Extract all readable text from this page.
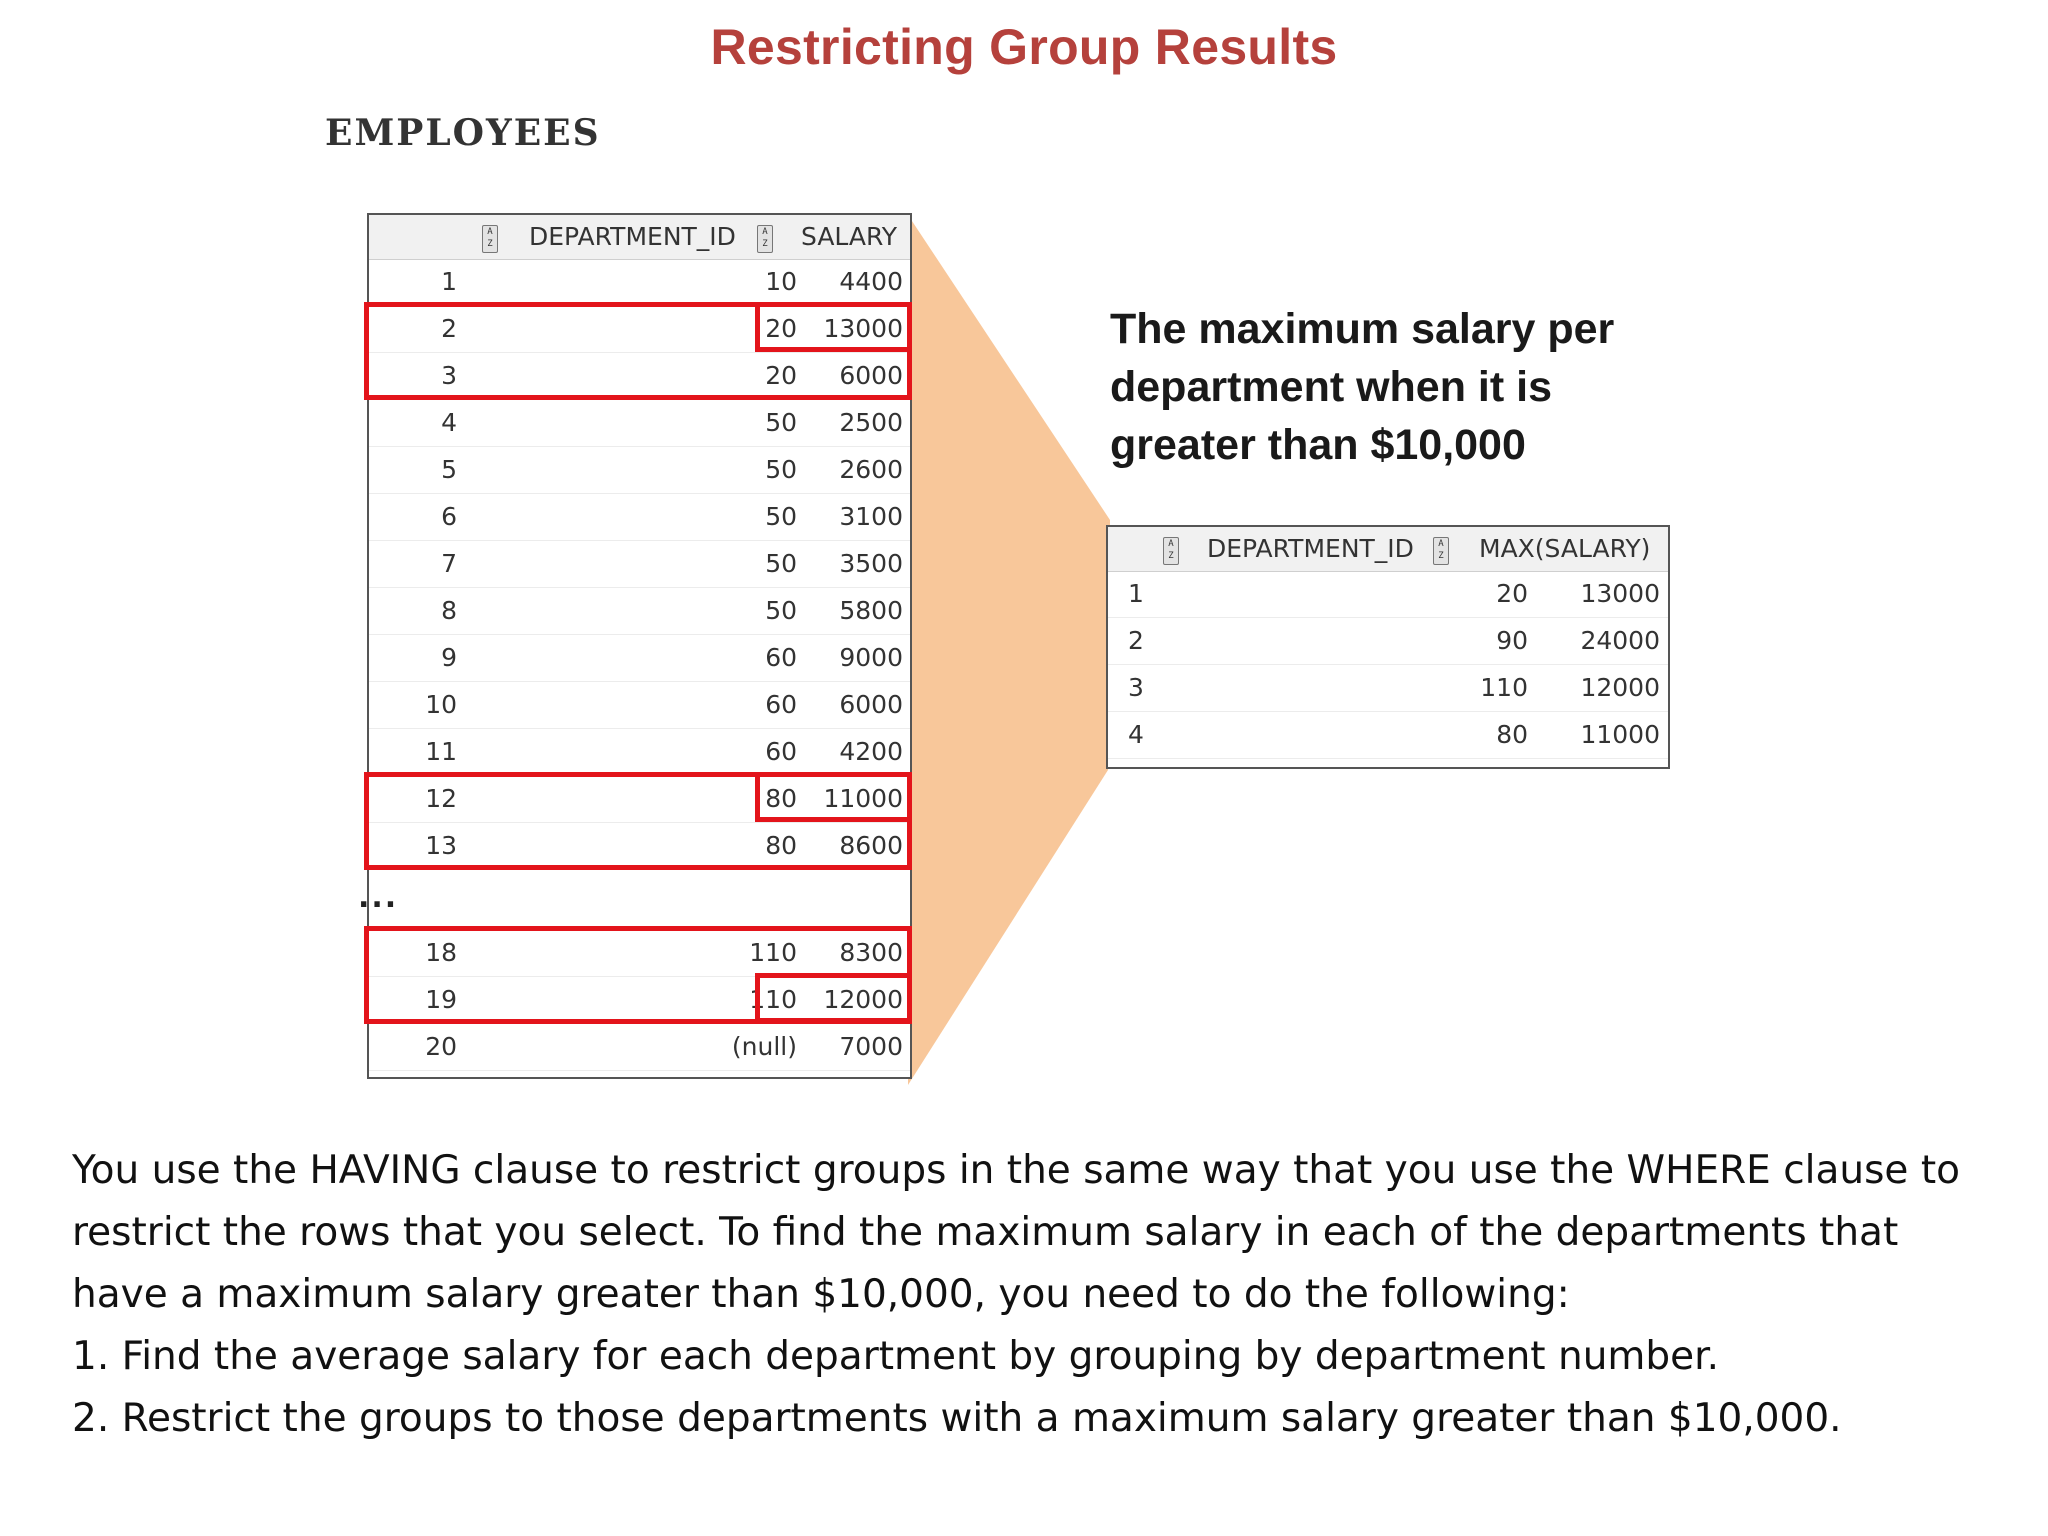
Restricting Group Results
EMPLOYEES
A
Z DEPARTMENT_ID	A
Z SALARY
1	10	4400
2	20	13000
3	20	6000
4	50	2500
5	50	2600
6	50	3100
7	50	3500
8	50	5800
9	60	9000
10	60	6000
11	60	4200
12	80	11000
13	80	8600
18	110	8300
19	110	12000
20	(null)	7000
...
The maximum salary per
department when it is
greater than $10,000
A
Z DEPARTMENT_ID	A
Z MAX(SALARY)
1	20	13000
2	90	24000
3	110	12000
4	80	11000

You use the HAVING clause to restrict groups in the same way that you use the WHERE clause to restrict the rows that you select. To find the maximum salary in each of the departments that have a maximum salary greater than $10,000, you need to do the following:

1. Find the average salary for each department by grouping by department number.

2. Restrict the groups to those departments with a maximum salary greater than $10,000.
